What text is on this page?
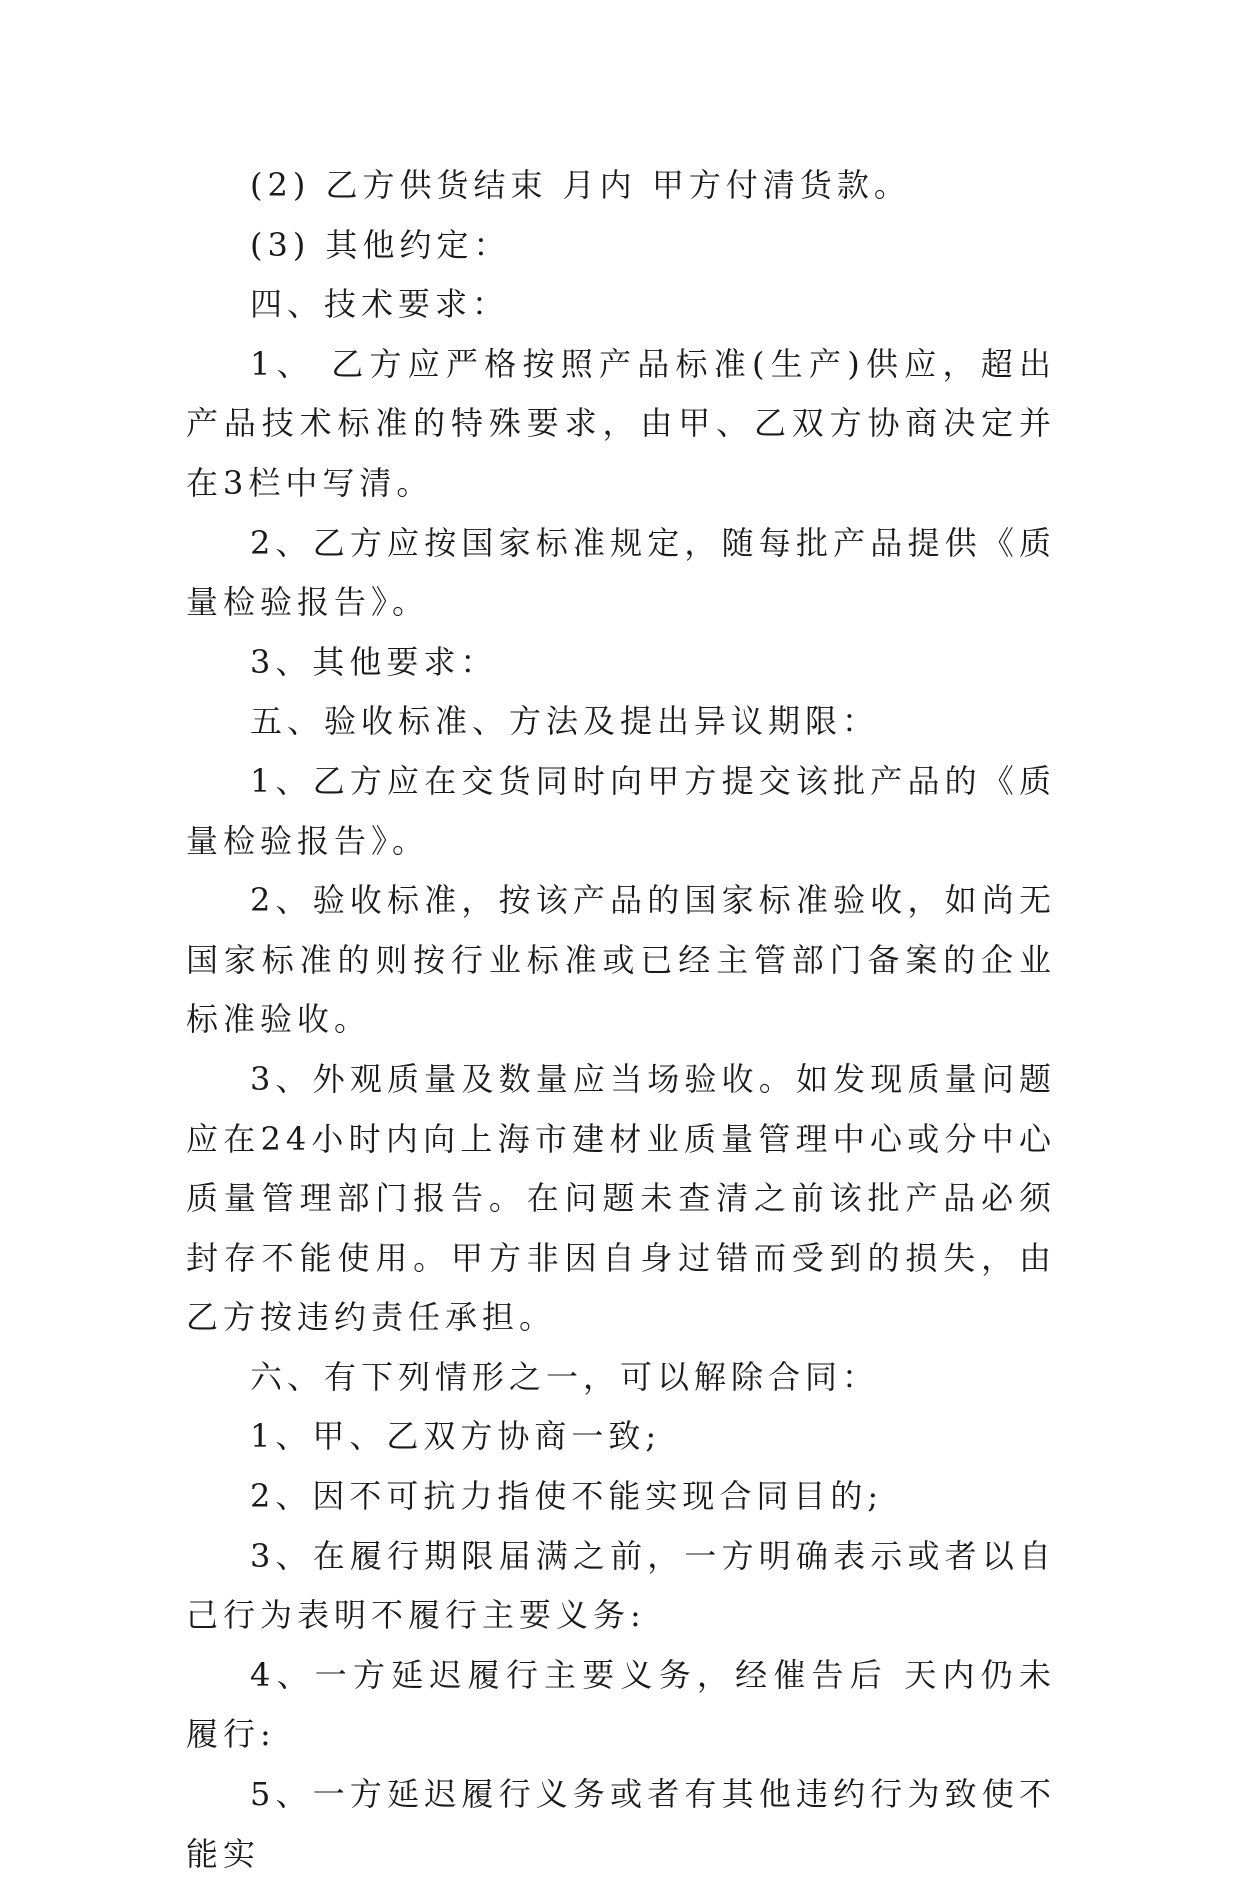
(2) 乙方供货结束 月内 甲方付清货款。

(3) 其他约定：

四、技术要求：

1、 乙方应严格按照产品标准(生产)供应，超出产品技术标准的特殊要求，由甲、乙双方协商决定并在3栏中写清。

2、乙方应按国家标准规定，随每批产品提供《质量检验报告》。

3、其他要求：

五、验收标准、方法及提出异议期限：

1、乙方应在交货同时向甲方提交该批产品的《质量检验报告》。

2、验收标准，按该产品的国家标准验收，如尚无国家标准的则按行业标准或已经主管部门备案的企业标准验收。

3、外观质量及数量应当场验收。如发现质量问题应在24小时内向上海市建材业质量管理中心或分中心质量管理部门报告。在问题未查清之前该批产品必须封存不能使用。甲方非因自身过错而受到的损失，由乙方按违约责任承担。

六、有下列情形之一，可以解除合同：

1、甲、乙双方协商一致;

2、因不可抗力指使不能实现合同目的;

3、在履行期限届满之前，一方明确表示或者以自己行为表明不履行主要义务:

4、一方延迟履行主要义务，经催告后 天内仍未履行:

5、一方延迟履行义务或者有其他违约行为致使不能实
